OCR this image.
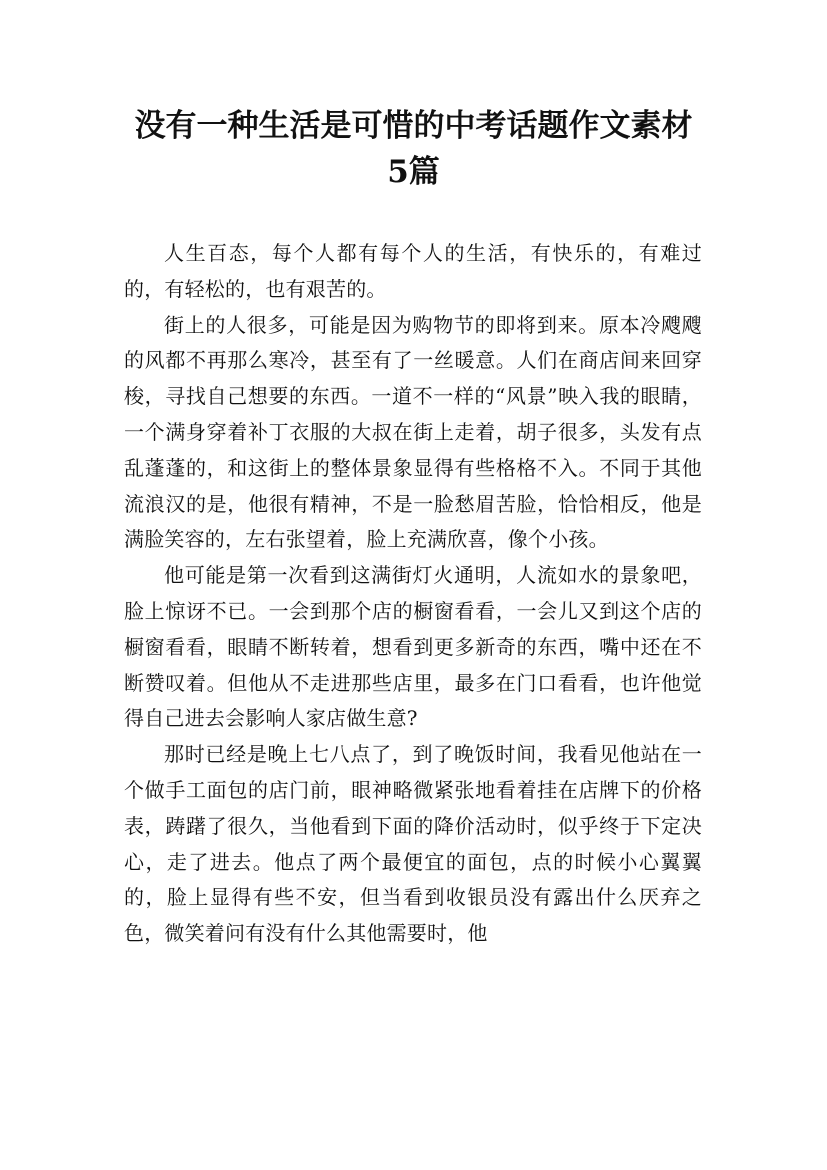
没有一种生活是可惜的中考话题作文素材
5篇

人生百态，每个人都有每个人的生活，有快乐的，有难过的，有轻松的，也有艰苦的。

街上的人很多，可能是因为购物节的即将到来。原本冷飕飕的风都不再那么寒冷，甚至有了一丝暖意。人们在商店间来回穿梭，寻找自己想要的东西。一道不一样的“风景”映入我的眼睛，一个满身穿着补丁衣服的大叔在街上走着，胡子很多，头发有点乱蓬蓬的，和这街上的整体景象显得有些格格不入。不同于其他流浪汉的是，他很有精神，不是一脸愁眉苦脸，恰恰相反，他是满脸笑容的，左右张望着，脸上充满欣喜，像个小孩。

他可能是第一次看到这满街灯火通明，人流如水的景象吧，脸上惊讶不已。一会到那个店的橱窗看看，一会儿又到这个店的橱窗看看，眼睛不断转着，想看到更多新奇的东西，嘴中还在不断赞叹着。但他从不走进那些店里，最多在门口看看，也许他觉得自己进去会影响人家店做生意?

那时已经是晚上七八点了，到了晚饭时间，我看见他站在一个做手工面包的店门前，眼神略微紧张地看着挂在店牌下的价格表，踌躇了很久，当他看到下面的降价活动时，似乎终于下定决心，走了进去。他点了两个最便宜的面包，点的时候小心翼翼的，脸上显得有些不安，但当看到收银员没有露出什么厌弃之色，微笑着问有没有什么其他需要时，他
